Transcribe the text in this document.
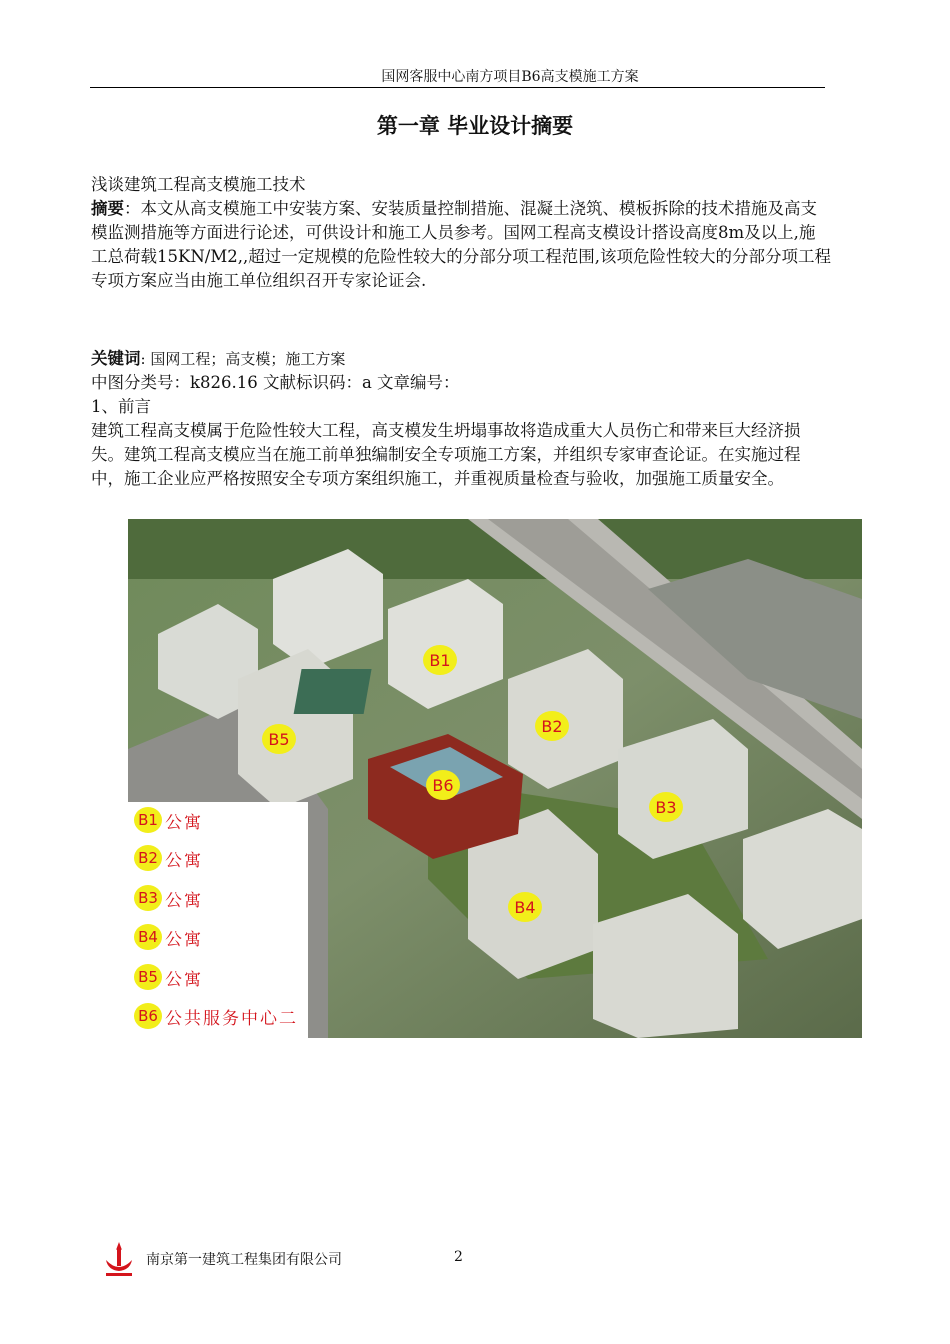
国网客服中心南方项目B6高支模施工方案
第一章 毕业设计摘要

浅谈建筑工程高支模施工技术

摘要：本文从高支模施工中安装方案、安装质量控制措施、混凝土浇筑、模板拆除的技术措施及高支模监测措施等方面进行论述，可供设计和施工人员参考。国网工程高支模设计搭设高度8m及以上,施工总荷载15KN/M2,,超过一定规模的危险性较大的分部分项工程范围,该项危险性较大的分部分项工程专项方案应当由施工单位组织召开专家论证会.

关键词: 国网工程；高支模；施工方案

中图分类号：k826.16 文献标识码：a 文章编号：

1、前言

建筑工程高支模属于危险性较大工程，高支模发生坍塌事故将造成重大人员伤亡和带来巨大经济损失。建筑工程高支模应当在施工前单独编制安全专项施工方案，并组织专家审查论证。在实施过程中，施工企业应严格按照安全专项方案组织施工，并重视质量检查与验收，加强施工质量安全。

B1
B2
B3
B4
B5
B6
B1 公寓
B2 公寓
B3 公寓
B4 公寓
B5 公寓
B6 公共服务中心二
南京第一建筑工程集团有限公司	2
